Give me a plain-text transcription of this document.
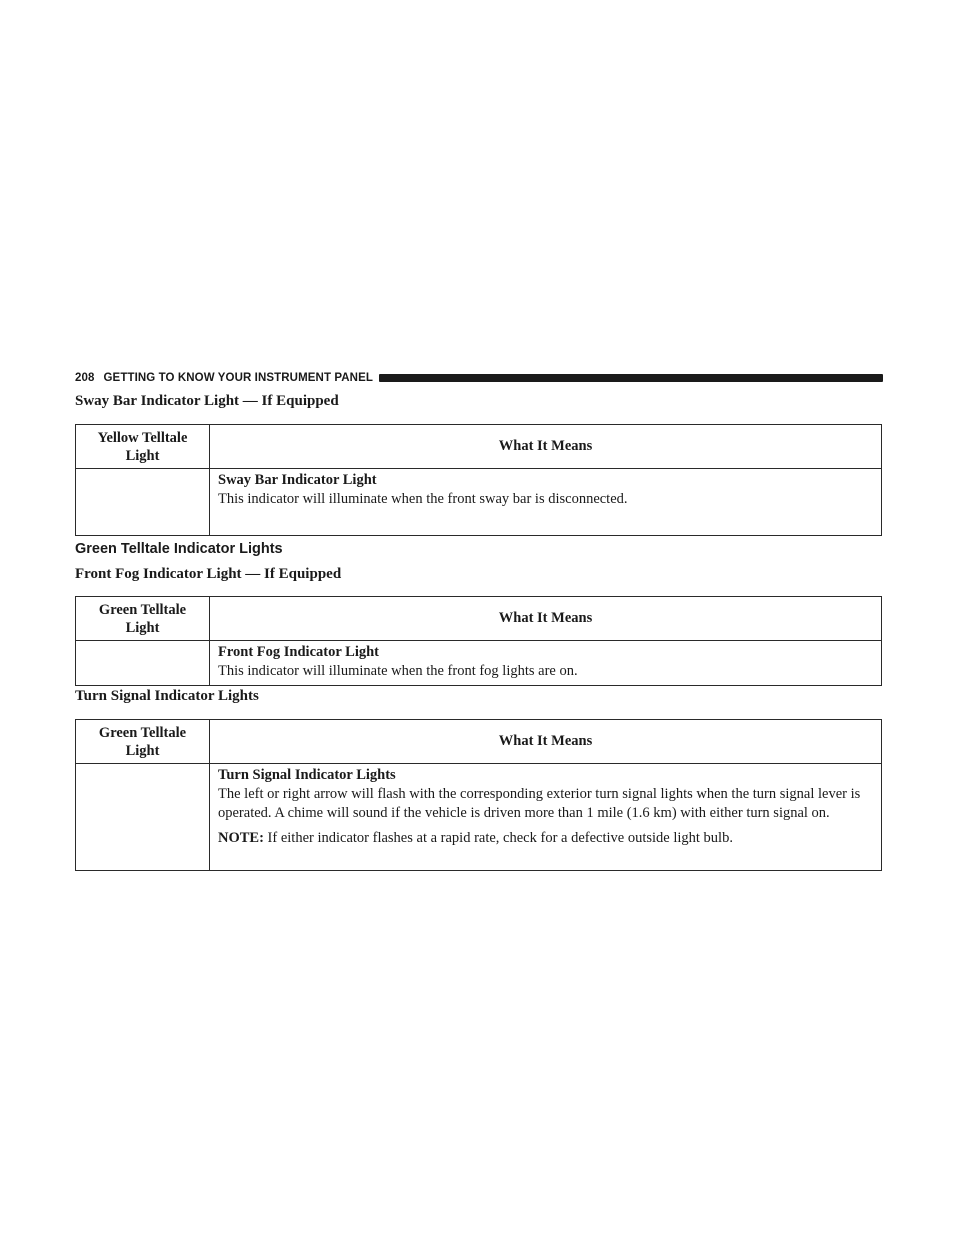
208 GETTING TO KNOW YOUR INSTRUMENT PANEL
Sway Bar Indicator Light — If Equipped
Yellow Telltale Light	What It Means

	Sway Bar Indicator Light
This indicator will illuminate when the front sway bar is disconnected.
Green Telltale Indicator Lights
Front Fog Indicator Light — If Equipped
Green Telltale Light	What It Means

	Front Fog Indicator Light
This indicator will illuminate when the front fog lights are on.
Turn Signal Indicator Lights
Green Telltale Light	What It Means

	Turn Signal Indicator Lights
The left or right arrow will flash with the corresponding exterior turn signal lights when the turn signal lever is operated. A chime will sound if the vehicle is driven more than 1 mile (1.6 km) with either turn signal on.
NOTE: If either indicator flashes at a rapid rate, check for a defective outside light bulb.
